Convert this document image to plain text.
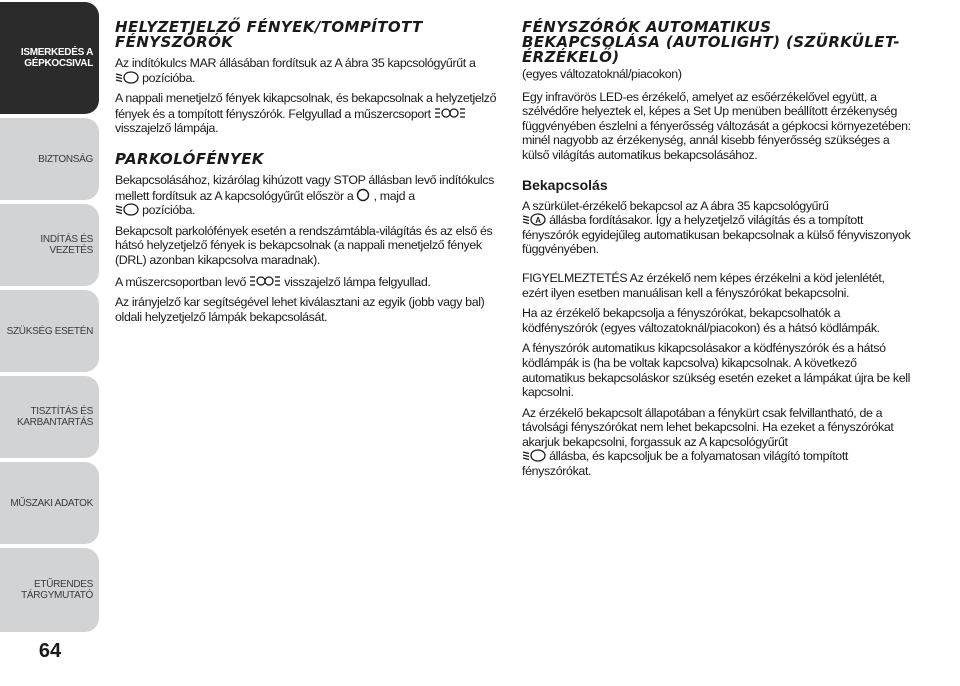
ISMERKEDÉS A
GÉPKOCSIVAL
BIZTONSÁG
INDÍTÁS ÉS VEZETÉS
SZÜKSÉG ESETÉN
TISZTÍTÁS ÉS
KARBANTARTÁS
MŰSZAKI ADATOK
ETŰRENDES
TÁRGYMUTATÓ
64
HELYZETJELZŐ FÉNYEK/TOMPÍTOTT FÉNYSZÓRÓK

Az indítókulcs MAR állásában fordítsuk az A ábra 35 kapcsológyűrűt a
pozícióba.

A nappali menetjelző fények kikapcsolnak, és bekapcsolnak a helyzetjelző fények és a tompított fényszórók. Felgyullad a műszercsoport
visszajelző lámpája.

PARKOLÓFÉNYEK

Bekapcsolásához, kizárólag kihúzott vagy STOP állásban levő indítókulcs mellett fordítsuk az A kapcsológyűrűt először a , majd a

pozícióba.

Bekapcsolt parkolófények esetén a rendszámtábla-világítás és az első és hátsó helyzetjelző fények is bekapcsolnak (a nappali menetjelző fények (DRL) azonban kikapcsolva maradnak).

A műszercsoportban levő	visszajelző lámpa felgyullad.

Az irányjelző kar segítségével lehet kiválasztani az egyik (jobb vagy bal) oldali helyzetjelző lámpák bekapcsolását.

FÉNYSZÓRÓK AUTOMATIKUS BEKAPCSOLÁSA (AUTOLIGHT) (SZÜRKÜLET-ÉRZÉKELŐ)

(egyes változatoknál/piacokon)

Egy infravörös LED-es érzékelő, amelyet az esőérzékelővel együtt, a szélvédőre helyeztek el, képes a Set Up menüben beállított érzékenység függvényében észlelni a fényerősség változását a gépkocsi környezetében: minél nagyobb az érzékenység, annál kisebb fényerősség szükséges a külső világítás automatikus bekapcsolásához.

Bekapcsolás

A szürkület-érzékelő bekapcsol az A ábra 35 kapcsológyűrű

A állásba fordításakor. Így a helyzetjelző világítás és a tompított fényszórók egyidejűleg automatikusan bekapcsolnak a külső fényviszonyok függvényében.

FIGYELMEZTETÉS Az érzékelő nem képes érzékelni a köd jelenlétét, ezért ilyen esetben manuálisan kell a fényszórókat bekapcsolni.

Ha az érzékelő bekapcsolja a fényszórókat, bekapcsolhatók a ködfényszórók (egyes változatoknál/piacokon) és a hátsó ködlámpák.

A fényszórók automatikus kikapcsolásakor a ködfényszórók és a hátsó ködlámpák is (ha be voltak kapcsolva) kikapcsolnak. A következő automatikus bekapcsoláskor szükség esetén ezeket a lámpákat újra be kell kapcsolni.

Az érzékelő bekapcsolt állapotában a fénykürt csak felvillantható, de a távolsági fényszórókat nem lehet bekapcsolni. Ha ezeket a fényszórókat akarjuk bekapcsolni, forgassuk az A kapcsológyűrűt

állásba, és kapcsoljuk be a folyamatosan világító tompított fényszórókat.
